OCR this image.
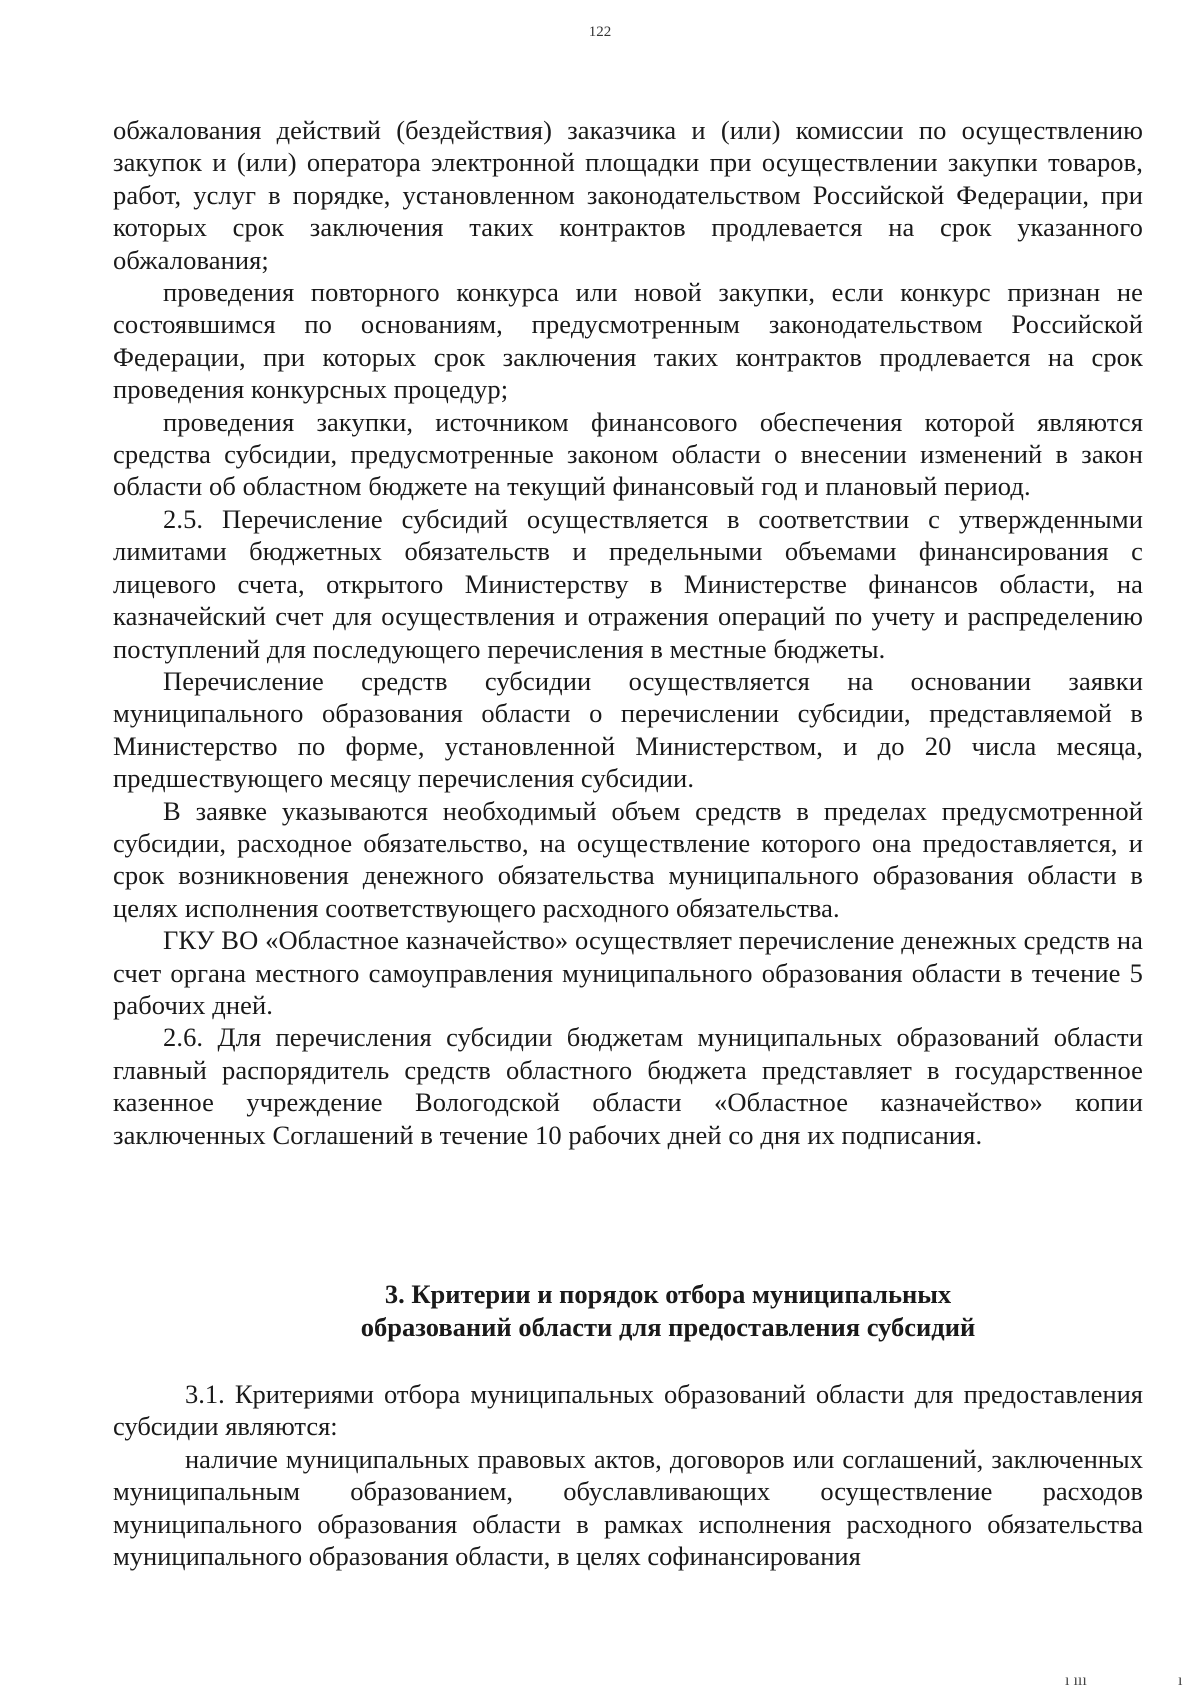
122

обжалования действий (бездействия) заказчика и (или) комиссии по осуществлению закупок и (или) оператора электронной площадки при осуществлении закупки товаров, работ, услуг в порядке, установленном законодательством Российской Федерации, при которых срок заключения таких контрактов продлевается на срок указанного обжалования;

проведения повторного конкурса или новой закупки, если конкурс признан не состоявшимся по основаниям, предусмотренным законодательством Российской Федерации, при которых срок заключения таких контрактов продлевается на срок проведения конкурсных процедур;

проведения закупки, источником финансового обеспечения которой являются средства субсидии, предусмотренные законом области о внесении изменений в закон области об областном бюджете на текущий финансовый год и плановый период.

2.5. Перечисление субсидий осуществляется в соответствии с утвержденными лимитами бюджетных обязательств и предельными объемами финансирования с лицевого счета, открытого Министерству в Министерстве финансов области, на казначейский счет для осуществления и отражения операций по учету и распределению поступлений для последующего перечисления в местные бюджеты.

Перечисление средств субсидии осуществляется на основании заявки муниципального образования области о перечислении субсидии, представляемой в Министерство по форме, установленной Министерством, и до 20 числа месяца, предшествующего месяцу перечисления субсидии.

В заявке указываются необходимый объем средств в пределах предусмотренной субсидии, расходное обязательство, на осуществление которого она предоставляется, и срок возникновения денежного обязательства муниципального образования области в целях исполнения соответствующего расходного обязательства.

ГКУ ВО «Областное казначейство» осуществляет перечисление денежных средств на счет органа местного самоуправления муниципального образования области в течение 5 рабочих дней.

2.6. Для перечисления субсидии бюджетам муниципальных образований области главный распорядитель средств областного бюджета представляет в государственное казенное учреждение Вологодской области «Областное казначейство» копии заключенных Соглашений в течение 10 рабочих дней со дня их подписания.

3. Критерии и порядок отбора муниципальных
образований области для предоставления субсидий

3.1. Критериями отбора муниципальных образований области для предоставления субсидии являются:

наличие муниципальных правовых актов, договоров или соглашений, заключенных муниципальным образованием, обуславливающих осуществление расходов муниципального образования области в рамках исполнения расходного обязательства муниципального образования области, в целях софинансирования

ı ııı	ı
